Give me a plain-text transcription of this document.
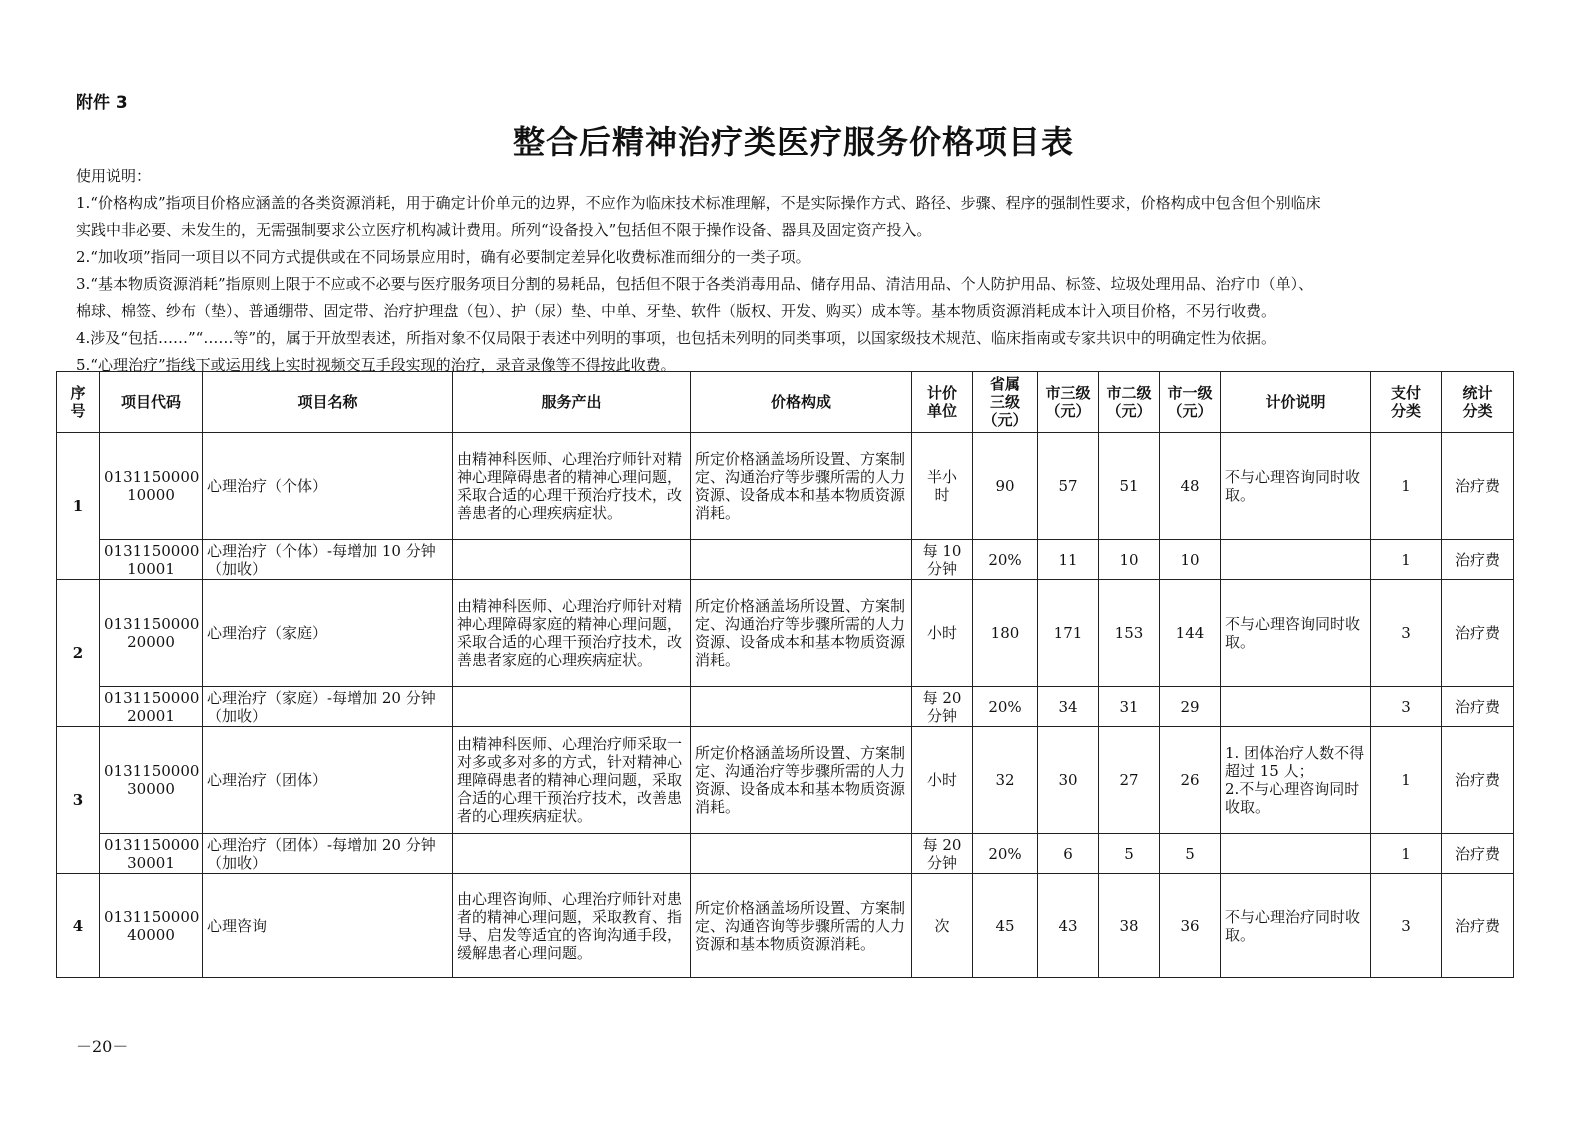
附件 3
整合后精神治疗类医疗服务价格项目表
使用说明：
1.“价格构成”指项目价格应涵盖的各类资源消耗，用于确定计价单元的边界，不应作为临床技术标准理解，不是实际操作方式、路径、步骤、程序的强制性要求，价格构成中包含但个别临床
实践中非必要、未发生的，无需强制要求公立医疗机构减计费用。所列“设备投入”包括但不限于操作设备、器具及固定资产投入。
2.“加收项”指同一项目以不同方式提供或在不同场景应用时，确有必要制定差异化收费标准而细分的一类子项。
3.“基本物质资源消耗”指原则上限于不应或不必要与医疗服务项目分割的易耗品，包括但不限于各类消毒用品、储存用品、清洁用品、个人防护用品、标签、垃圾处理用品、治疗巾（单）、
棉球、棉签、纱布（垫）、普通绷带、固定带、治疗护理盘（包）、护（尿）垫、中单、牙垫、软件（版权、开发、购买）成本等。基本物质资源消耗成本计入项目价格，不另行收费。
4.涉及“包括……”“……等”的，属于开放型表述，所指对象不仅局限于表述中列明的事项，也包括未列明的同类事项，以国家级技术规范、临床指南或专家共识中的明确定性为依据。
5.“心理治疗”指线下或运用线上实时视频交互手段实现的治疗，录音录像等不得按此收费。
序
号	项目代码	项目名称	服务产出	价格构成	计价
单位	省属
三级
（元）	市三级
（元）	市二级
（元）	市一级
（元）	计价说明	支付
分类	统计
分类
1	0131150000
10000	心理治疗（个体）	由精神科医师、心理治疗师针对精神心理障碍患者的精神心理问题，采取合适的心理干预治疗技术，改善患者的心理疾病症状。	所定价格涵盖场所设置、方案制定、沟通治疗等步骤所需的人力资源、设备成本和基本物质资源消耗。	半小
时	90	57	51	48	不与心理咨询同时收取。	1	治疗费
	0131150000
10001	心理治疗（个体）-每增加 10 分钟（加收）			每 10
分钟	20%	11	10	10		1	治疗费
2	0131150000
20000	心理治疗（家庭）	由精神科医师、心理治疗师针对精神心理障碍家庭的精神心理问题，采取合适的心理干预治疗技术，改善患者家庭的心理疾病症状。	所定价格涵盖场所设置、方案制定、沟通治疗等步骤所需的人力资源、设备成本和基本物质资源消耗。	小时	180	171	153	144	不与心理咨询同时收取。	3	治疗费
	0131150000
20001	心理治疗（家庭）-每增加 20 分钟（加收）			每 20
分钟	20%	34	31	29		3	治疗费
3	0131150000
30000	心理治疗（团体）	由精神科医师、心理治疗师采取一对多或多对多的方式，针对精神心理障碍患者的精神心理问题，采取合适的心理干预治疗技术，改善患者的心理疾病症状。	所定价格涵盖场所设置、方案制定、沟通治疗等步骤所需的人力资源、设备成本和基本物质资源消耗。	小时	32	30	27	26	1. 团体治疗人数不得超过 15 人；
2.不与心理咨询同时收取。	1	治疗费
	0131150000
30001	心理治疗（团体）-每增加 20 分钟（加收）			每 20
分钟	20%	6	5	5		1	治疗费
4	0131150000
40000	心理咨询	由心理咨询师、心理治疗师针对患者的精神心理问题，采取教育、指导、启发等适宜的咨询沟通手段，缓解患者心理问题。	所定价格涵盖场所设置、方案制定、沟通咨询等步骤所需的人力资源和基本物质资源消耗。	次	45	43	38	36	不与心理治疗同时收取。	3	治疗费
－20－
